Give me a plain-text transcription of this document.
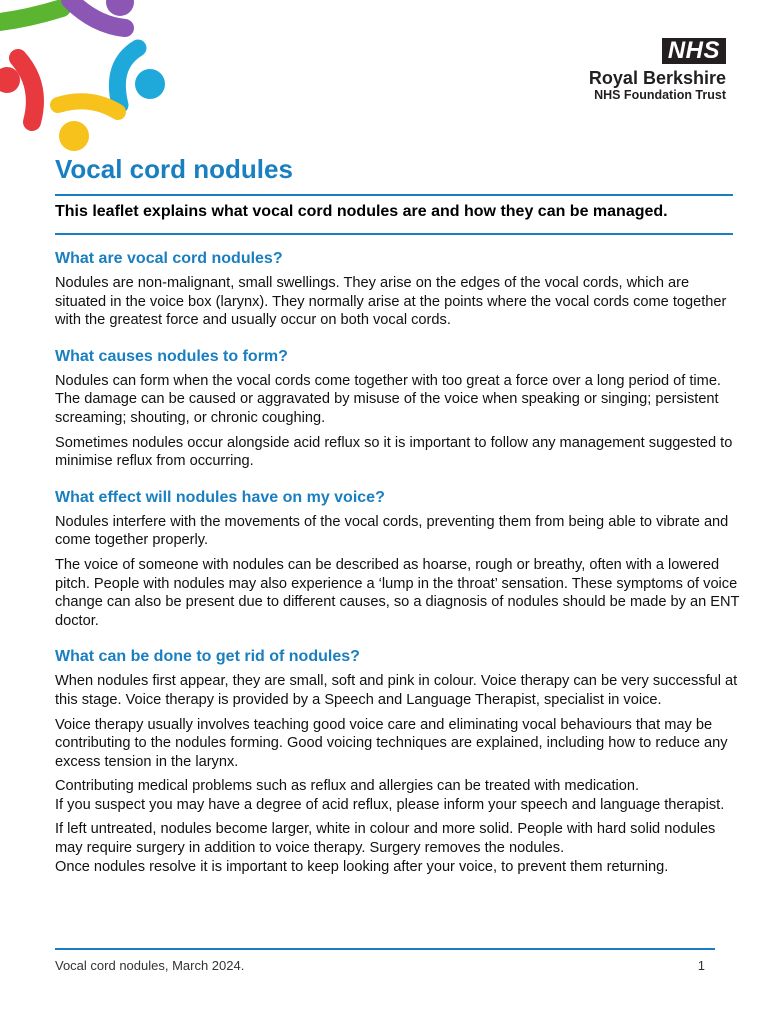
NHS
Royal Berkshire
NHS Foundation Trust
Vocal cord nodules

This leaflet explains what vocal cord nodules are and how they can be managed.

What are vocal cord nodules?

Nodules are non-malignant, small swellings. They arise on the edges of the vocal cords, which are situated in the voice box (larynx). They normally arise at the points where the vocal cords come together with the greatest force and usually occur on both vocal cords.

What causes nodules to form?

Nodules can form when the vocal cords come together with too great a force over a long period of time. The damage can be caused or aggravated by misuse of the voice when speaking or singing; persistent screaming; shouting, or chronic coughing.

Sometimes nodules occur alongside acid reflux so it is important to follow any management suggested to minimise reflux from occurring.

What effect will nodules have on my voice?

Nodules interfere with the movements of the vocal cords, preventing them from being able to vibrate and come together properly.

The voice of someone with nodules can be described as hoarse, rough or breathy, often with a lowered pitch. People with nodules may also experience a ‘lump in the throat’ sensation. These symptoms of voice change can also be present due to different causes, so a diagnosis of nodules should be made by an ENT doctor.

What can be done to get rid of nodules?

When nodules first appear, they are small, soft and pink in colour. Voice therapy can be very successful at this stage. Voice therapy is provided by a Speech and Language Therapist, specialist in voice.

Voice therapy usually involves teaching good voice care and eliminating vocal behaviours that may be contributing to the nodules forming. Good voicing techniques are explained, including how to reduce any excess tension in the larynx.

Contributing medical problems such as reflux and allergies can be treated with medication.

If you suspect you may have a degree of acid reflux, please inform your speech and language therapist.

If left untreated, nodules become larger, white in colour and more solid. People with hard solid nodules may require surgery in addition to voice therapy. Surgery removes the nodules.

Once nodules resolve it is important to keep looking after your voice, to prevent them returning.

Vocal cord nodules, March 2024.	1
